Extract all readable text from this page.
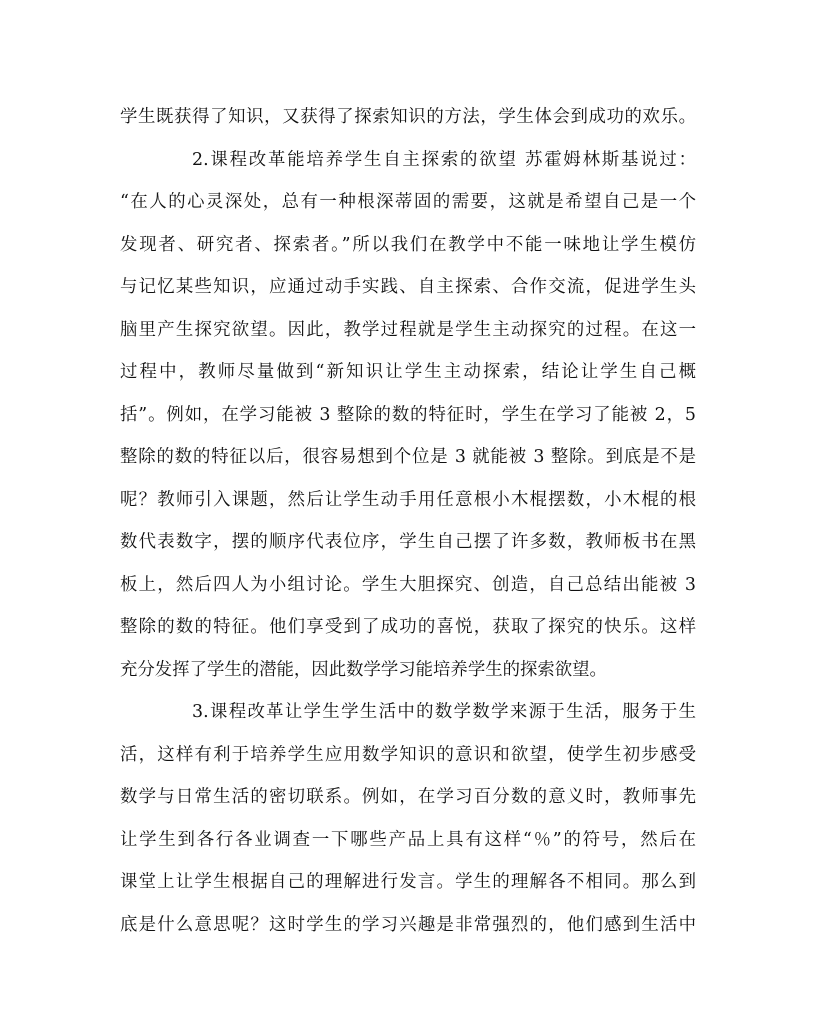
学生既获得了知识，又获得了探索知识的方法，学生体会到成功的欢乐。
2.课程改革能培养学生自主探索的欲望 苏霍姆林斯基说过：
“在人的心灵深处，总有一种根深蒂固的需要，这就是希望自己是一个
发现者、研究者、探索者。”所以我们在教学中不能一味地让学生模仿
与记忆某些知识，应通过动手实践、自主探索、合作交流，促进学生头
脑里产生探究欲望。因此，教学过程就是学生主动探究的过程。在这一
过程中，教师尽量做到“新知识让学生主动探索，结论让学生自己概
括”。例如，在学习能被 3 整除的数的特征时，学生在学习了能被 2，5
整除的数的特征以后，很容易想到个位是 3 就能被 3 整除。到底是不是
呢？教师引入课题，然后让学生动手用任意根小木棍摆数，小木棍的根
数代表数字，摆的顺序代表位序，学生自己摆了许多数，教师板书在黑
板上，然后四人为小组讨论。学生大胆探究、创造，自己总结出能被 3
整除的数的特征。他们享受到了成功的喜悦，获取了探究的快乐。这样
充分发挥了学生的潜能，因此数学学习能培养学生的探索欲望。
3.课程改革让学生学生活中的数学数学来源于生活，服务于生
活，这样有利于培养学生应用数学知识的意识和欲望，使学生初步感受
数学与日常生活的密切联系。例如，在学习百分数的意义时，教师事先
让学生到各行各业调查一下哪些产品上具有这样“％”的符号，然后在
课堂上让学生根据自己的理解进行发言。学生的理解各不相同。那么到
底是什么意思呢？这时学生的学习兴趣是非常强烈的，他们感到生活中
